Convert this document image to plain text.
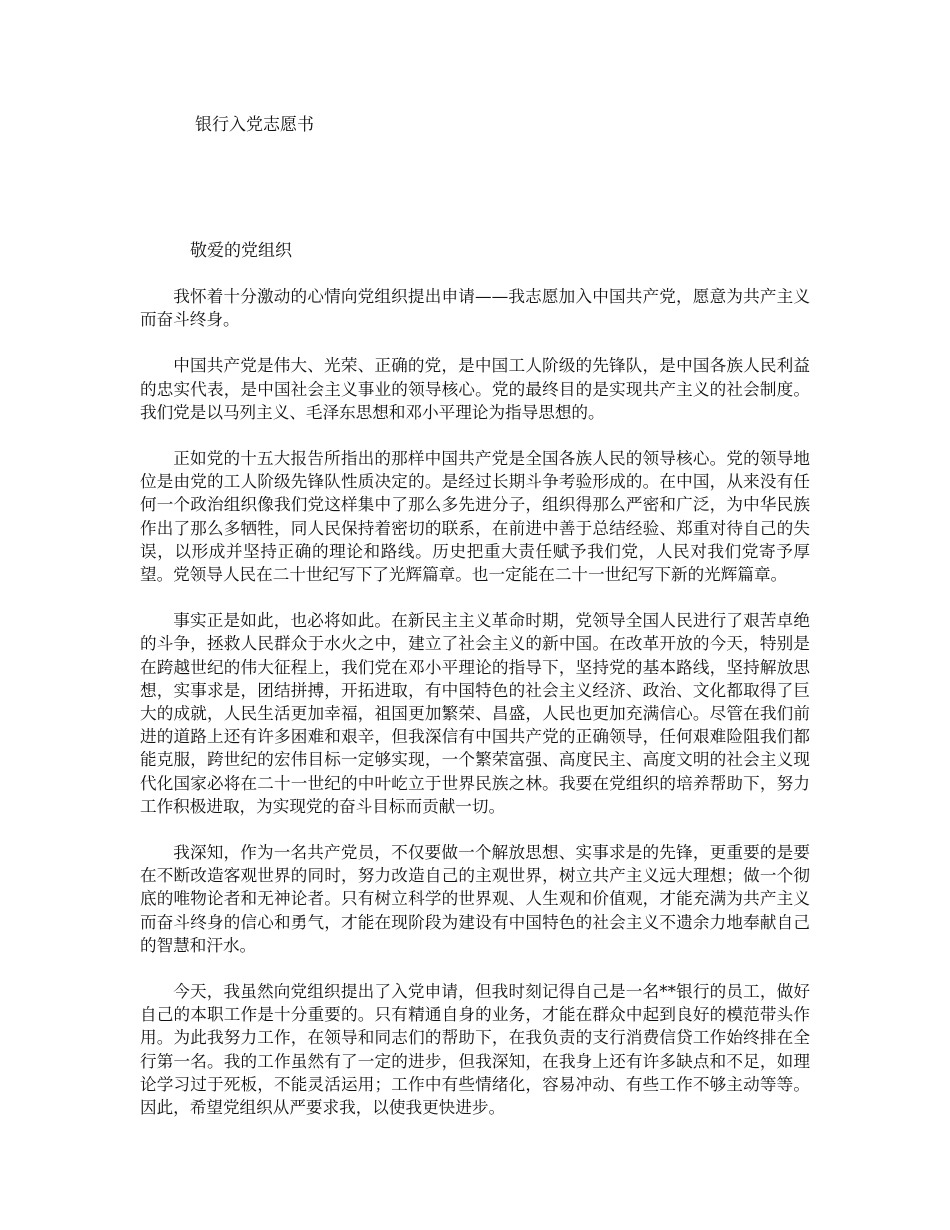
银行入党志愿书

敬爱的党组织

我怀着十分激动的心情向党组织提出申请——我志愿加入中国共产党，愿意为共产主义而奋斗终身。

中国共产党是伟大、光荣、正确的党，是中国工人阶级的先锋队，是中国各族人民利益的忠实代表，是中国社会主义事业的领导核心。党的最终目的是实现共产主义的社会制度。我们党是以马列主义、毛泽东思想和邓小平理论为指导思想的。

正如党的十五大报告所指出的那样中国共产党是全国各族人民的领导核心。党的领导地位是由党的工人阶级先锋队性质决定的。是经过长期斗争考验形成的。在中国，从来没有任何一个政治组织像我们党这样集中了那么多先进分子，组织得那么严密和广泛，为中华民族作出了那么多牺牲，同人民保持着密切的联系，在前进中善于总结经验、郑重对待自己的失误，以形成并坚持正确的理论和路线。历史把重大责任赋予我们党，人民对我们党寄予厚望。党领导人民在二十世纪写下了光辉篇章。也一定能在二十一世纪写下新的光辉篇章。

事实正是如此，也必将如此。在新民主主义革命时期，党领导全国人民进行了艰苦卓绝的斗争，拯救人民群众于水火之中，建立了社会主义的新中国。在改革开放的今天，特别是在跨越世纪的伟大征程上，我们党在邓小平理论的指导下，坚持党的基本路线，坚持解放思想，实事求是，团结拼搏，开拓进取，有中国特色的社会主义经济、政治、文化都取得了巨大的成就，人民生活更加幸福，祖国更加繁荣、昌盛，人民也更加充满信心。尽管在我们前进的道路上还有许多困难和艰辛，但我深信有中国共产党的正确领导，任何艰难险阻我们都能克服，跨世纪的宏伟目标一定够实现，一个繁荣富强、高度民主、高度文明的社会主义现代化国家必将在二十一世纪的中叶屹立于世界民族之林。我要在党组织的培养帮助下，努力工作积极进取，为实现党的奋斗目标而贡献一切。

我深知，作为一名共产党员，不仅要做一个解放思想、实事求是的先锋，更重要的是要在不断改造客观世界的同时，努力改造自己的主观世界，树立共产主义远大理想；做一个彻底的唯物论者和无神论者。只有树立科学的世界观、人生观和价值观，才能充满为共产主义而奋斗终身的信心和勇气，才能在现阶段为建设有中国特色的社会主义不遗余力地奉献自己的智慧和汗水。

今天，我虽然向党组织提出了入党申请，但我时刻记得自己是一名**银行的员工，做好自己的本职工作是十分重要的。只有精通自身的业务，才能在群众中起到良好的模范带头作用。为此我努力工作，在领导和同志们的帮助下，在我负责的支行消费信贷工作始终排在全行第一名。我的工作虽然有了一定的进步，但我深知，在我身上还有许多缺点和不足，如理论学习过于死板，不能灵活运用；工作中有些情绪化，容易冲动、有些工作不够主动等等。因此，希望党组织从严要求我，以使我更快进步。
